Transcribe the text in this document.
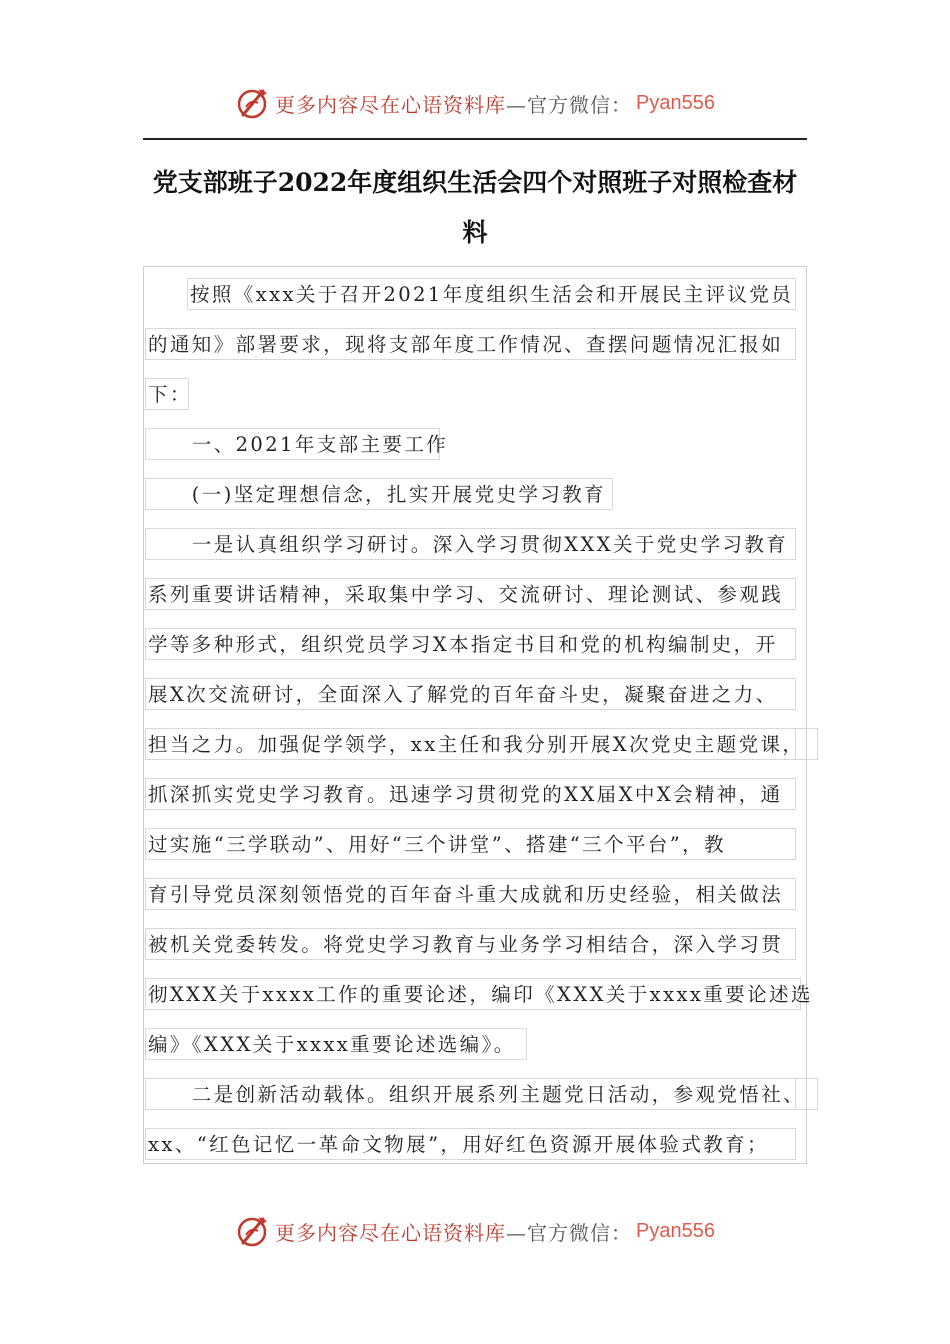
更多内容尽在心语资料库 —官方微信： Pyan556
党支部班子2022年度组织生活会四个对照班子对照检查材
料
按照《xxx关于召开2021年度组织生活会和开展民主评议党员
的通知》部署要求，现将支部年度工作情况、查摆问题情况汇报如
下：
　　一、2021年支部主要工作
　　(一)坚定理想信念，扎实开展党史学习教育
　　一是认真组织学习研讨。深入学习贯彻XXX关于党史学习教育
系列重要讲话精神，采取集中学习、交流研讨、理论测试、参观践
学等多种形式，组织党员学习X本指定书目和党的机构编制史，开
展X次交流研讨，全面深入了解党的百年奋斗史，凝聚奋进之力、
担当之力。加强促学领学，xx主任和我分别开展X次党史主题党课，
抓深抓实党史学习教育。迅速学习贯彻党的XX届X中X会精神，通
过实施“三学联动”、用好“三个讲堂”、搭建“三个平台”，教
育引导党员深刻领悟党的百年奋斗重大成就和历史经验，相关做法
被机关党委转发。将党史学习教育与业务学习相结合，深入学习贯
彻XXX关于xxxx工作的重要论述，编印《XXX关于xxxx重要论述选
编》《XXX关于xxxx重要论述选编》。
　　二是创新活动载体。组织开展系列主题党日活动，参观党悟社、
xx、“红色记忆一革命文物展”，用好红色资源开展体验式教育；
更多内容尽在心语资料库 —官方微信： Pyan556
